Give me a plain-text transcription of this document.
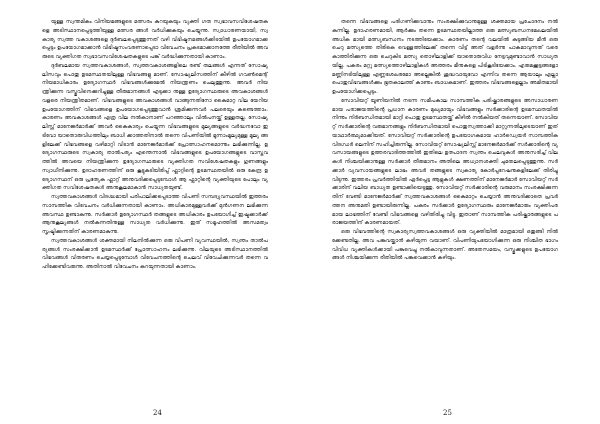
യുള്ള സ്വന്തമികം വിനിയമങ്ങളുടെ മത്സരം കുറയുകയും വ്യക്തി ഗത സ്വഭാവസവിശേഷതകളെ അടിസ്ഥാനപ്പെടുത്തിയുള്ള മത്സര ങ്ങൾ വർധിക്കുകയും ചെയ്യുന്നു. സ്വാധാരണയായി, സ്വകാര്യ സ്വത്ത വകാശങ്ങളെ ദുർബലപ്പെടുത്തുന്നത് വഴി വിഭിഷ്ടനമങ്ങൾക്കിടയിൽ ഉപയോഗമാക്കപ്പെടും ഉപയോഗമാക്കാൻ വിഭിഷ്ടസംവരണാപ്പെടാ വിവേചനം പ്രകടമാക്കാനത്തേ രീതിയിൽ അവരുടെ വ്യക്തിഗത സ്വഭാവസവിശേഷതകളുടെ പങ്ക് വർദ്ധിക്കുന്നതായി കാണാം.

ദുർബലമായ സ്വത്തവകാശങ്ങൾ, സ്വത്തവകാശങ്ങളിലെ രണ്ട് തലങ്ങൾ എന്നത് സോഷ്യലിസവും പൊതു ഉടമസ്ഥതയിലുള്ള വിഭവങ്ങളു മാണ്. സോഷ്യലിസത്തിന് കീഴിൽ ഗവൺമെന്റ് നിയമാധികാരം ഉദ്യോഗസ്ഥർ വിഭവങ്ങൾക്കുമേൽ നിയന്ത്രണം ചെലുത്തുന്നു. അവർ നിയന്ത്രിക്കുന്ന വസ്തുവിനെക്കുറിച്ചുള്ള തീരുമാനങ്ങൾ എടുക്കാ നുള്ള ഉദ്യോഗസ്ഥരുടെ അവകാശങ്ങൾ വളരെ നിയന്ത്രിതമാണ്. വിഭവങ്ങളുടെ അവകാശങ്ങൾ വാങ്ങുന്നതിനോ കൈമാറ്റ വില യേറിയ ഉപയോഗത്തിന് വിഭവങ്ങളെ ഉപയോഗപ്പെടുത്തുവാൻ ശ്രമിക്കുന്നവർ പലരെയും കണ്ടെത്താം. കാരണം അവകാശങ്ങൾ എത്ര വില നൽകാനാണ് പറഞ്ഞാലും വിൽപനയ്ക്ക് ഉള്ളതല്ല. സോഷ്യ ലിസ്റ്റ് മാനേജർമാർക്ക് അവർ കൈകാര്യം ചെയ്യുന്ന വിഭവങ്ങളുടെ മൂല്യങ്ങളുടെ വർദ്ധനവോ ഇടിവോ യാതൊരുവിധത്തിലും ബാധി ക്കാത്തതിനാൽ തന്നെ വിപണിയിൽ മൂന്നാംമൂല്യമുള്ള മൂല്യ ങ്ങളിലേക്ക് വിഭവങ്ങളെ വഴിമാറ്റി വിടാൻ മാനേജർമാർക്ക് പ്രോത്സാഹനമൊന്നും ലഭിക്കുന്നില്ല. ഉദ്യോഗസ്ഥരുടെ സ്വകാര്യ താൽപര്യം എന്തെന്നാൽ വിഭവങ്ങളുടെ ഉപയോഗങ്ങളുടെ വാസ്തവത്തിൽ അവയെ നിയന്ത്രിക്കുന്ന ഉദ്യോഗസ്ഥരുടെ വ്യക്തിഗത സവിശേഷതകളും ഗുണങ്ങളും സ്വാധീനിക്കുന്നു. ഉദാഹരണത്തിന് ഒരു കൂട്ടുകുടിയിരിപ്പ് ഫ്ലാറ്റിന്റെ ഉടമസ്ഥതയിൽ ഒരു കേന്ദ്ര ഉദ്യോഗസ്ഥന് ഒരു പ്രത്യേക ഫ്ലാറ്റ് അനുവദിക്കപ്പെടുമ്പോൾ ആ ഫ്ലാറ്റിന്റെ വ്യക്തിയുടെ പോലും വ്യക്തിഗത സവിശേഷതകൾ അനുകൂലമാകാൻ സാധ്യതയുണ്ട്.

സ്വത്തവകാശങ്ങൾ വിദഗ്ദ്ധമായി പരിപാലിക്കപ്പെടാത്ത വിപണി സമ്പദ്വ്യവസ്ഥയിൽ ഇത്തരം സാമ്പത്തിക വിവേചനം വർധിക്കുന്നതായി കാണാം. അധികാരമുള്ളവർക്ക് മുൻഗണന ലഭിക്കുന്ന അവസ്ഥ ഉണ്ടാകുന്നു. സർക്കാർ ഉദ്യോഗസ്ഥർ തങ്ങളുടെ അധികാരം ഉപയോഗിച്ച് ഇഷ്ടക്കാർക്ക് ആനുകൂല്യങ്ങൾ നൽകുന്നതിനുള്ള സാധ്യത വർധിക്കുന്നു. ഇത് സമൂഹത്തിൽ അസമത്വം സൃഷ്ടിക്കുന്നതിന് കാരണമാകുന്നു.

സ്വത്തവകാശങ്ങൾ ശക്തമായി നിലനിൽക്കുന്ന ഒരു വിപണി വ്യവസ്ഥയിൽ, സ്വന്തം താൽപര്യങ്ങൾ സംരക്ഷിക്കാൻ ഉടമസ്ഥർക്ക് പ്രോത്സാഹനം ലഭിക്കുന്നു. വിലയുടെ അടിസ്ഥാനത്തിൽ വിഭവങ്ങൾ വിതരണം ചെയ്യപ്പെടുമ്പോൾ വിവേചനത്തിന്റെ ചെലവ് വിവേചിക്കുന്നവർ തന്നെ വഹിക്കേണ്ടിവരുന്നു. അതിനാൽ വിവേചനം കുറയുന്നതായി കാണാം.

24

തന്നെ വിഭവങ്ങളെ പരിഗണിക്കുവാനും സംരക്ഷിക്കുവാനുമുള്ള ശക്തമായ പ്രചോദനം നൽകുന്നില്ല. ഉദാഹരണമായി, ആർക്കും തന്നെ ഉടമസ്ഥതയില്ലാത്ത ഒരു മത്സ്യബന്ധനമേഖലയിൽ അധിക മായി മത്സ്യബന്ധനം നടത്തിയേക്കാം. കാരണം തന്റെ വലയിൽ കുടുങ്ങിയ മീൻ ഒരു ചെറു മത്സ്യത്തെ തിരികെ വെള്ളത്തിലേക്ക് തന്നെ വിട്ട് അത് വളർന്നു പാകമാവുന്നത് വരെ കാത്തിരിക്കുന്ന ഒരു ചെറുകിട മത്സ്യ തൊഴിലാളിക്ക് യാതൊരുവിധ നേട്ടവുമുണ്ടാവാൻ സാധ്യതയില്ല. പകരം മറ്റു മത്സ്യത്തൊഴിലാളികൾ അത്തരം മീനുകളെ പിടികൂടിയേക്കാം. എരുമക്കൂട്ടങ്ങളോ മണ്ണിനടിയിലുള്ള എണ്ണശേഖരമോ അല്ലെങ്കിൽ ശുദ്ധവായുവോ എന്നിവ തന്നെ ആയാലും എല്ലാ പൊതുവിഭവങ്ങൾക്കും ഭൂതകാലത്ത് കാണും ബാധകമാണ്. ഇത്തരം വിഭവങ്ങളെല്ലാം അമിതമായി ഉപയോഗിക്കപ്പെടും.

സോവിയറ്റ് യൂണിയനിൽ നടന്ന സമീപകാല സാമ്പത്തിക പരിഷ്ക്കാരങ്ങളുടെ അസാധാരണമായ പരാജയത്തിന്റെ പ്രധാന കാരണം മുഖ്യമായും വിഭവങ്ങളും സർക്കാരിന്റെ ഉടമസ്ഥതയിൽ നിന്നും നിർബന്ധിതമായി മാറ്റി പൊതു ഉടമസ്ഥതയ്ക്ക് കീഴിൽ നൽകിയത് തന്നെയാണ്. സോവിയറ്റ് സർക്കാരിന്റെ വരുമാനങ്ങളും നിർബന്ധിതമായി പൊതുസ്വത്താക്കി മാറ്റുന്നതിലുടെയാണ് ഇത് യാഥാർത്ഥ്യമാക്കിയത്. സോവിയറ്റ് സർക്കാരിന്റെ ഉപയോഗകമായ ഹാർഡ്വെയർ സാമ്പത്തിക വിദഗ്ധർ ലെനിന് സഹിച്ചിരുന്നില്ല. സോവിയറ്റ് സോഷ്യലിസ്റ്റ് മാനേജർമാർക്ക് സർക്കാരിന്റെ വ്യവസായങ്ങളുടെ ഉത്തരവാദിത്തത്തിൽ ഇതിലെ ഉത്പാദന സ്വന്തം ചെലവുകൾ അനുസരിച്ച് വിലകൾ നിശ്ചയിക്കാനുള്ള സർക്കാർ തീരുമാനം അതിലെ അധ്വാനശക്തി ചുമതലപ്പെടുത്തുന്നു. സർക്കാർ വ്യവസായങ്ങളുടെ ലാഭം അവർ തങ്ങളുടെ സ്വകാര്യ കോർപ്പറേഷനുകളിലേക്ക് തിരിച്ചു വിടുന്നു. ഇത്തരം പ്രവർത്തിയിൽ ഏർപ്പെട്ട ആളുകൾ ക്ഷണത്തിന് മാനേജർമാർ സോവിയറ്റ് സർക്കാരിന് വലിയ ബാധ്യത ഉണ്ടാക്കിയെടുത്തു. സോവിയറ്റ് സർക്കാരിന്റെ വരുമാനം സംരക്ഷിക്കുന്നതിന് വേണ്ടി മാനേജർമാർക്ക് സ്വത്തവകാശങ്ങൾ കൈമാറ്റം ചെയ്യാൻ അനുവദിക്കാതെ പ്രവർത്തന അനുമതി ഉണ്ടായിരുന്നില്ല. പകരം സർക്കാർ ഉദ്യോഗസ്ഥരും മാനേജർമാരും വ്യക്തിപരമായ ലാഭത്തിന് വേണ്ടി വിഭവങ്ങളെ വഴിതിരിച്ചു വിട്ടു. ഇതാണ് സാമ്പത്തിക പരിഷ്ക്കാരങ്ങളുടെ പരാജയത്തിന് കാരണമായത്.

ഒരു വിഭവത്തിന്റെ സ്വകാര്യസ്വത്തവകാശങ്ങൾ ഒരു വ്യക്തിയിൽ മാത്രമായി ഒതുങ്ങി നിൽക്കേണ്ടതില്ല. അവ പങ്കുവയ്ക്കാൻ കഴിയുന്ന വയാണ്. വിപണിയുപയോഗിക്കുന്ന ഒരു നിശ്ചിത ഭാഗം വിവിധ വ്യക്തികൾക്കായി പങ്കുവെച്ചു നൽകാവുന്നതാണ്. അതേസമയം, വസ്തുക്കളുടെ ഉപയോഗങ്ങൾ നിശ്ചയിക്കുന്ന രീതിയിൽ പങ്കുവെക്കാൻ കഴിയും.

25
